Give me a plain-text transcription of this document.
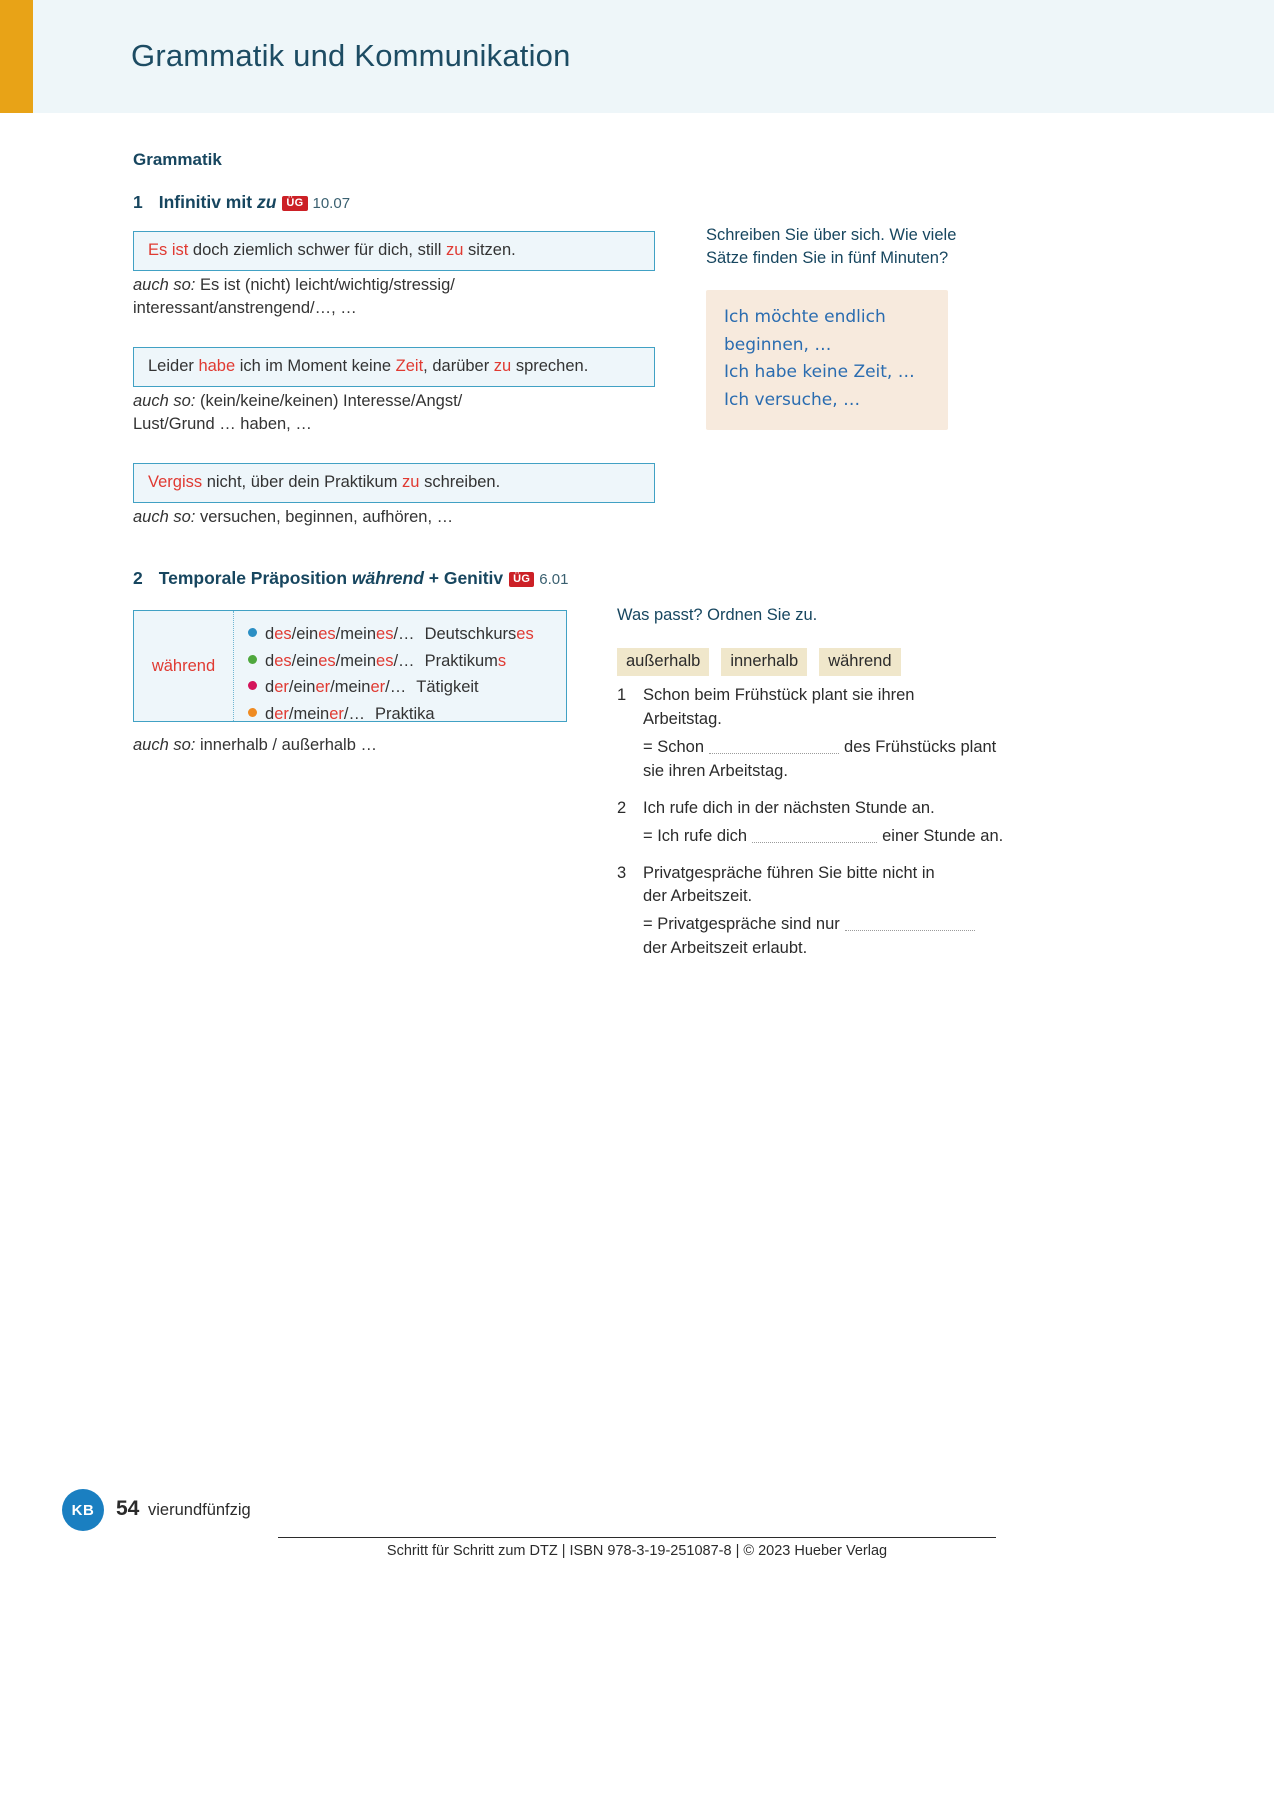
Grammatik und Kommunikation
Grammatik
1 Infinitiv mit zu ÜG 10.07
Es ist doch ziemlich schwer für dich, still zu sitzen.
auch so: Es ist (nicht) leicht/wichtig/stressig/
interessant/anstrengend/…, …
Leider habe ich im Moment keine Zeit, darüber zu sprechen.
auch so: (kein/keine/keinen) Interesse/Angst/
Lust/Grund … haben, …
Vergiss nicht, über dein Praktikum zu schreiben.
auch so: versuchen, beginnen, aufhören, …
Schreiben Sie über sich. Wie viele
Sätze finden Sie in fünf Minuten?
Ich möchte endlich
beginnen, …
Ich habe keine Zeit, …
Ich versuche, …
2 Temporale Präposition während + Genitiv ÜG 6.01
während
des/eines/meines/… Deutschkurses
des/eines/meines/… Praktikums
der/einer/meiner/… Tätigkeit
der/meiner/… Praktika
auch so: innerhalb / außerhalb …
Was passt? Ordnen Sie zu.
außerhalb	innerhalb	während
1	Schon beim Frühstück plant sie ihren
Arbeitstag.
= Schon	des Frühstücks plant
sie ihren Arbeitstag.
2	Ich rufe dich in der nächsten Stunde an.
= Ich rufe dich	einer Stunde an.
3	Privatgespräche führen Sie bitte nicht in
der Arbeitszeit.
= Privatgespräche sind nur
der Arbeitszeit erlaubt.
KB	54 vierundfünfzig
Schritt für Schritt zum DTZ | ISBN 978-3-19-251087-8 | © 2023 Hueber Verlag
